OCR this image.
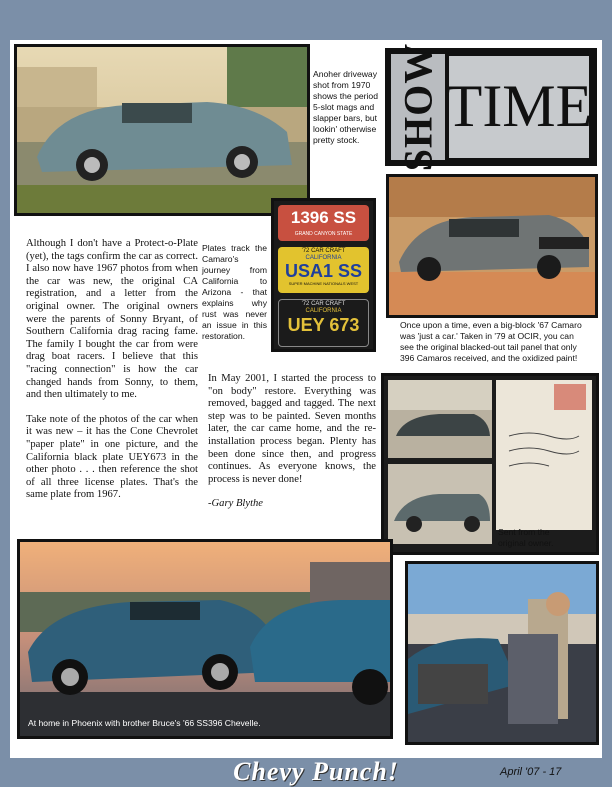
Anoher driveway shot from 1970 shows the period 5-slot mags and slapper bars, but lookin' otherwise pretty stock. SHOW TIME
1396 SS
GRAND CANYON STATE
'72 CAR CRAFT
CALIFORNIA
USA1 SS
SUPER MACHINE NATIONALS WEST
'72 CAR CRAFT
CALIFORNIA
UEY 673
Plates track the Camaro's journey from California to Arizona - that explains why rust was never an issue in this restoration.
Once upon a time, even a big-block '67 Camaro was 'just a car.' Taken in '79 at OCIR, you can see the original blacked-out tail panel that only 396 Camaros received, and the oxidized paint!

Although I don't have a Protect-o-Plate (yet), the tags confirm the car as correct. I also now have 1967 photos from when the car was new, the original CA registration, and a letter from the original owner. The original owners were the parents of Sonny Bryant, of Southern California drag racing fame. The family I bought the car from were drag boat racers. I believe that this "racing connection" is how the car changed hands from Sonny, to them, and then ultimately to me.

Take note of the photos of the car when it was new – it has the Cone Chevrolet "paper plate" in one picture, and the California black plate UEY673 in the other photo . . . then reference the shot of all three license plates. That's the same plate from 1967.

In May 2001, I started the process to "on body" restore. Everything was removed, bagged and tagged. The next step was to be painted. Seven months later, the car came home, and the re-installation process began. Plenty has been done since then, and progress continues. As everyone knows, the process is never done!

-Gary Blythe

Sent from the original owner.
At home in Phoenix with brother Bruce's '66 SS396 Chevelle.
Chevy Punch!	April '07 - 17
